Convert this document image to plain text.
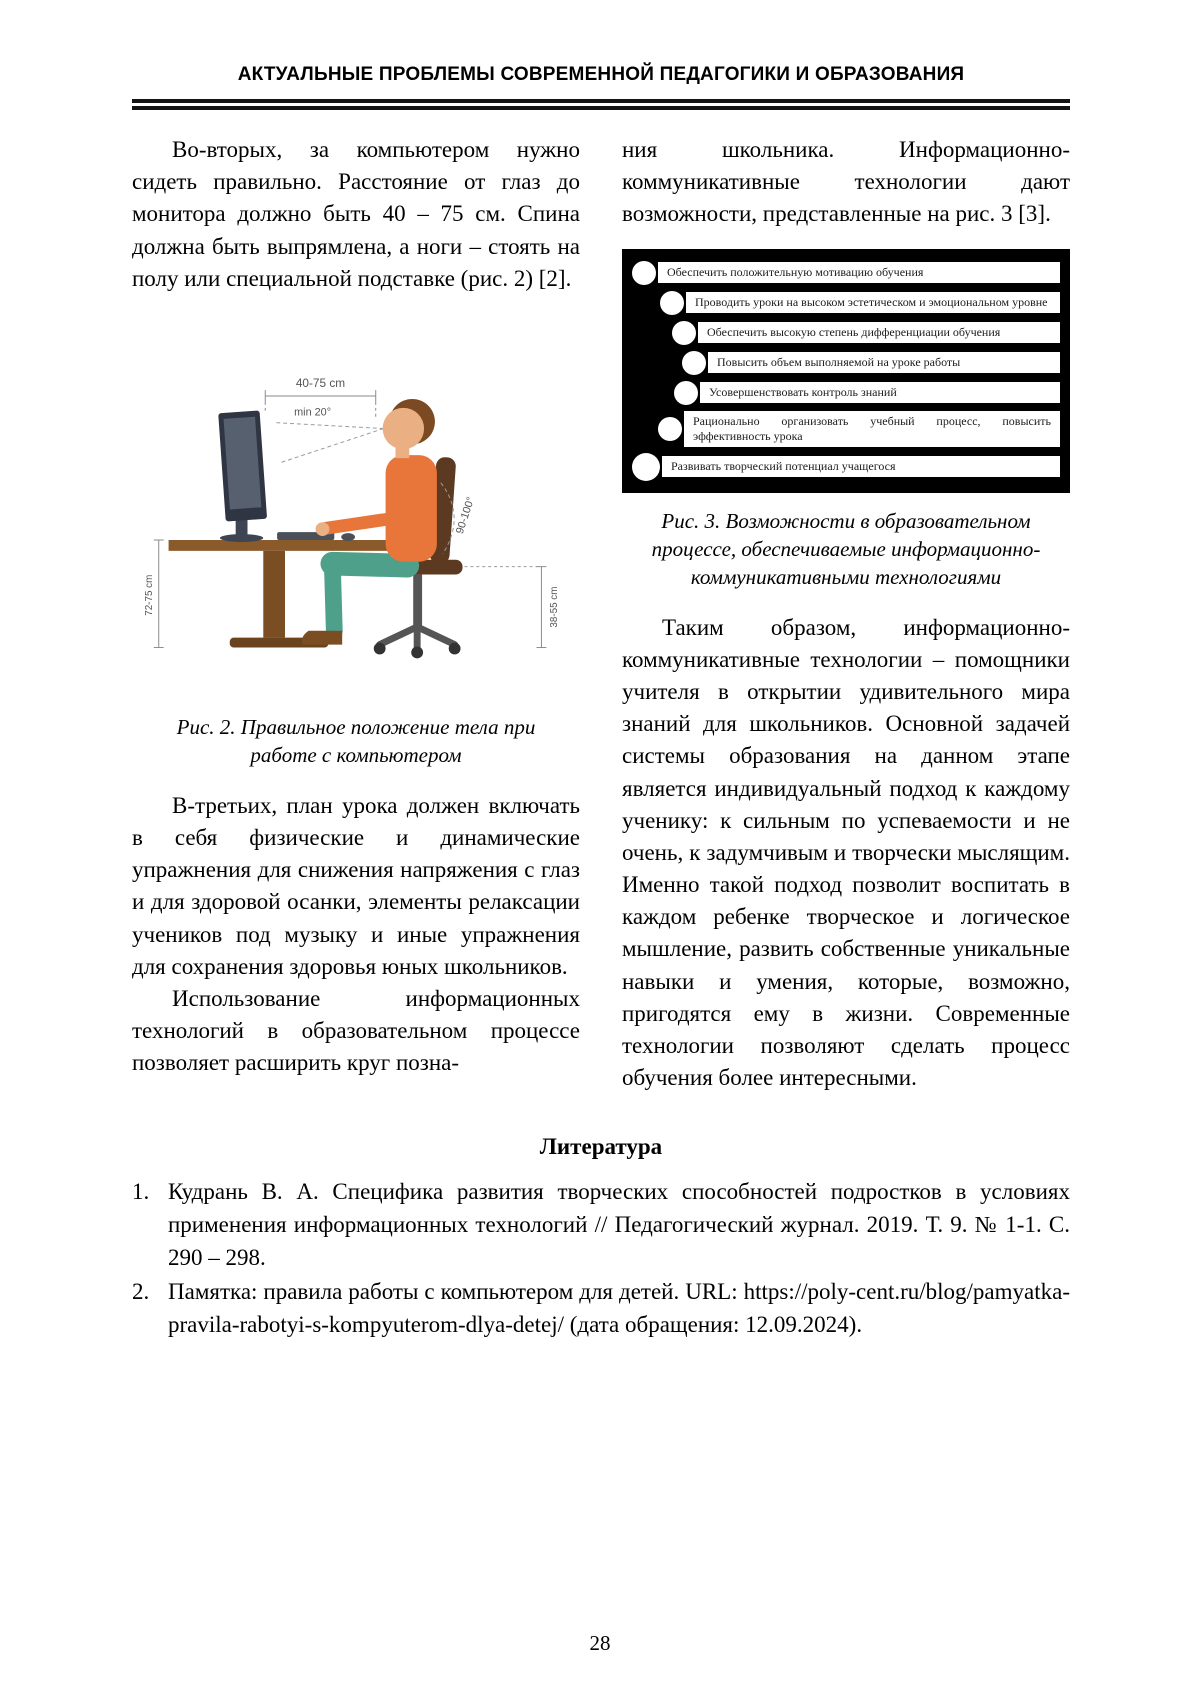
АКТУАЛЬНЫЕ ПРОБЛЕМЫ СОВРЕМЕННОЙ ПЕДАГОГИКИ И ОБРАЗОВАНИЯ

Во-вторых, за компьютером нужно сидеть правильно. Расстояние от глаз до монитора должно быть 40 – 75 см. Спина должна быть выпрямлена, а ноги – стоять на полу или специальной подставке (рис. 2) [2].

40-75 cm
min 20°
90-100°
72-75 cm	38-55 cm
Рис. 2. Правильное положение тела при работе с компьютером

В-третьих, план урока должен включать в себя физические и динамические упражнения для снижения напряжения с глаз и для здоровой осанки, элементы релаксации учеников под музыку и иные упражнения для сохранения здоровья юных школьников.

Использование информационных технологий в образовательном процессе позволяет расширить круг позна-

ния школьника. Информационно-коммуникативные технологии дают возможности, представленные на рис. 3 [3].

Обеспечить положительную мотивацию обучения
Проводить уроки на высоком эстетическом и эмоциональном уровне
Обеспечить высокую степень дифференциации обучения
Повысить объем выполняемой на уроке работы
Усовершенствовать контроль знаний
Рационально организовать учебный процесс, повысить эффективность урока
Развивать творческий потенциал учащегося
Рис. 3. Возможности в образовательном процессе, обеспечиваемые информационно-коммуникативными технологиями

Таким образом, информационно-коммуникативные технологии – помощники учителя в открытии удивительного мира знаний для школьников. Основной задачей системы образования на данном этапе является индивидуальный подход к каждому ученику: к сильным по успеваемости и не очень, к задумчивым и творчески мыслящим. Именно такой подход позволит воспитать в каждом ребенке творческое и логическое мышление, развить собственные уникальные навыки и умения, которые, возможно, пригодятся ему в жизни. Современные технологии позволяют сделать процесс обучения более интересными.

Литература
1. Кудрань В. А. Специфика развития творческих способностей подростков в условиях применения информационных технологий // Педагогический журнал. 2019. Т. 9. № 1-1. С. 290 – 298.
2. Памятка: правила работы с компьютером для детей. URL: https://poly-cent.ru/blog/pamyatka-pravila-rabotyi-s-kompyuterom-dlya-detej/ (дата обращения: 12.09.2024).
28
